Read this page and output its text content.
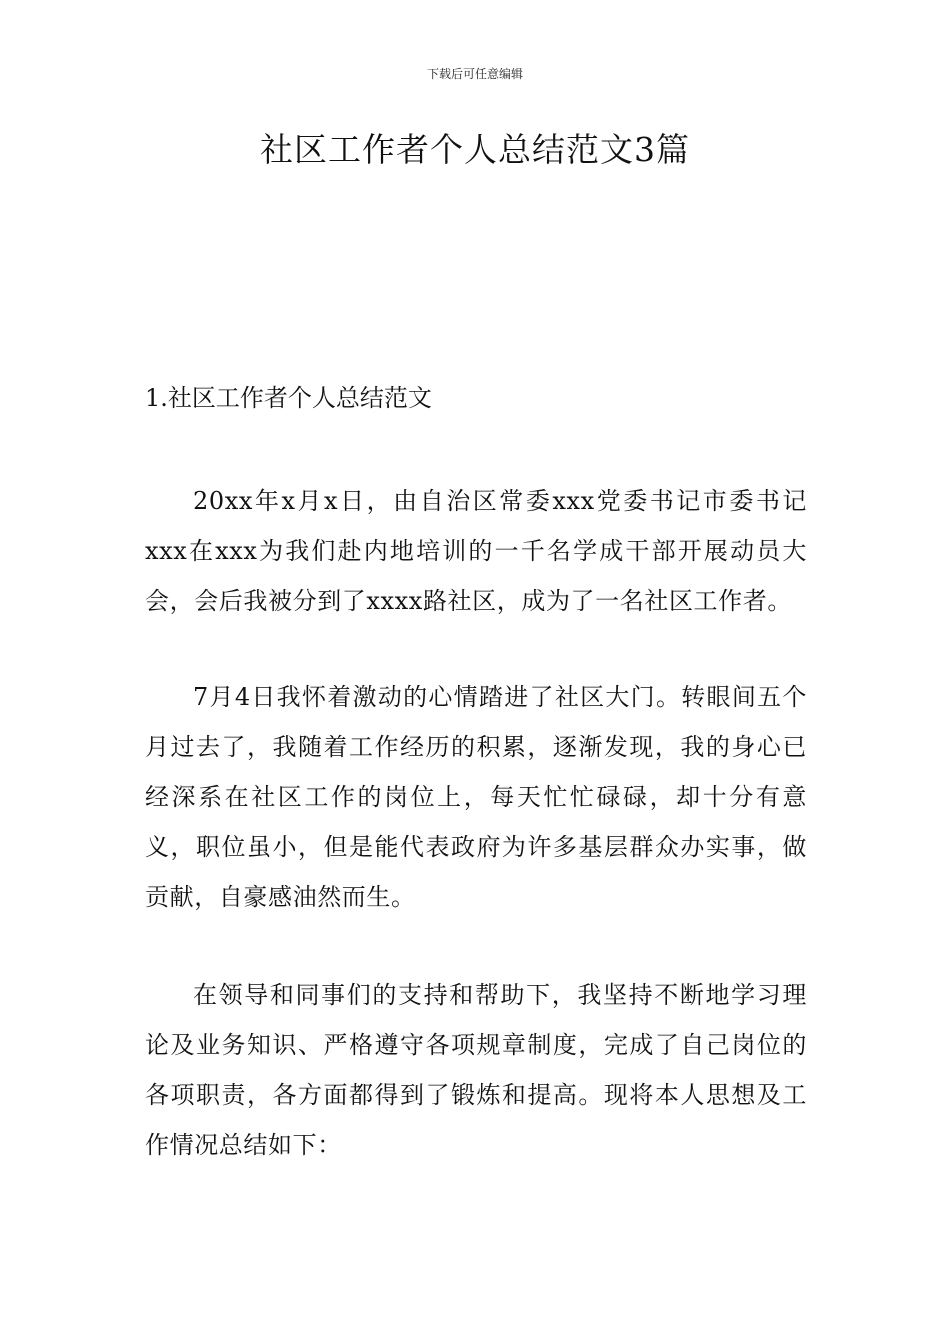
下载后可任意编辑
社区工作者个人总结范文3篇
1.社区工作者个人总结范文

20xx年x月x日，由自治区常委xxx党委书记市委书记xxx在xxx为我们赴内地培训的一千名学成干部开展动员大会，会后我被分到了xxxx路社区，成为了一名社区工作者。

7月4日我怀着激动的心情踏进了社区大门。转眼间五个月过去了，我随着工作经历的积累，逐渐发现，我的身心已经深系在社区工作的岗位上，每天忙忙碌碌，却十分有意义，职位虽小，但是能代表政府为许多基层群众办实事，做贡献，自豪感油然而生。

在领导和同事们的支持和帮助下，我坚持不断地学习理论及业务知识、严格遵守各项规章制度，完成了自己岗位的各项职责，各方面都得到了锻炼和提高。现将本人思想及工作情况总结如下：
